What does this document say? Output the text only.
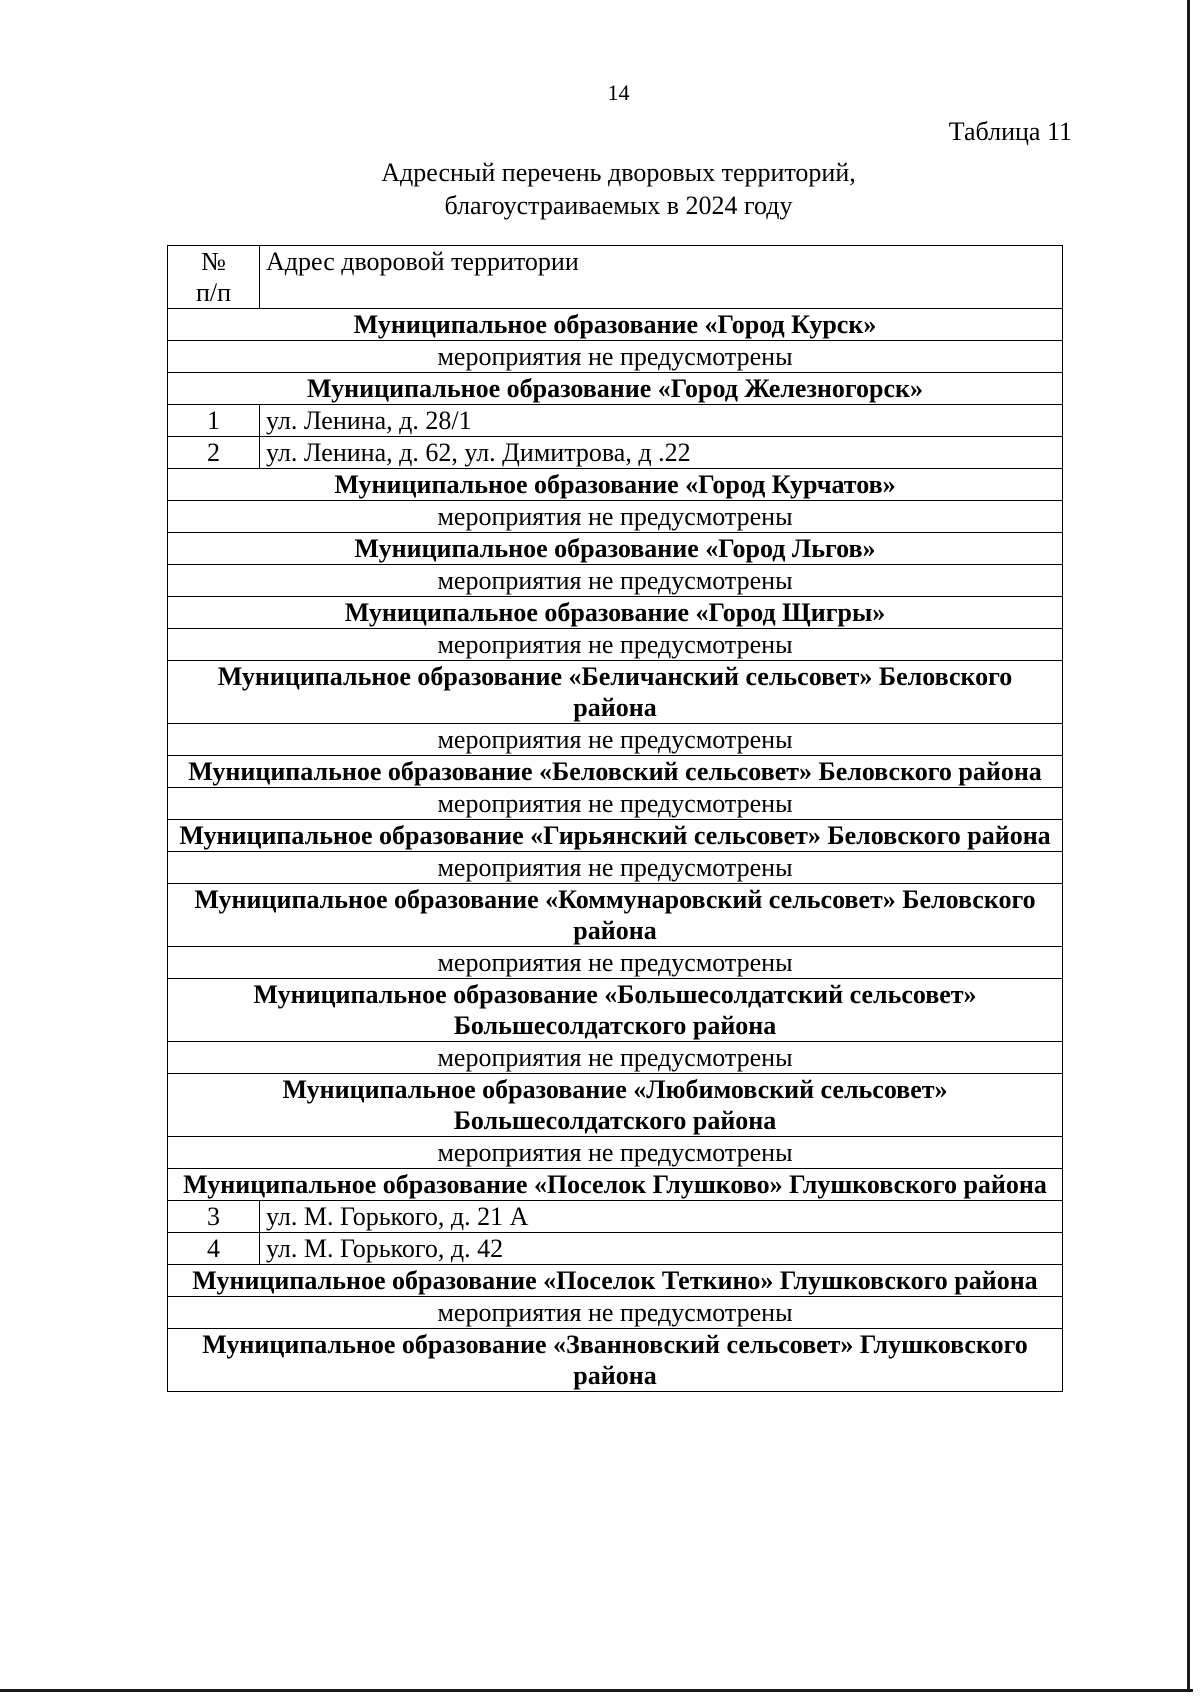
14
Таблица 11
Адресный перечень дворовых территорий,
благоустраиваемых в 2024 году
№ п/п	Адрес дворовой территории
Муниципальное образование «Город Курск»	
мероприятия не предусмотрены	
Муниципальное образование «Город Железногорск»	
1	ул. Ленина, д. 28/1
2	ул. Ленина, д. 62, ул. Димитрова, д .22
Муниципальное образование «Город Курчатов»	
мероприятия не предусмотрены	
Муниципальное образование «Город Льгов»	
мероприятия не предусмотрены	
Муниципальное образование «Город Щигры»	
мероприятия не предусмотрены	
Муниципальное образование «Беличанский сельсовет» Беловского района	
мероприятия не предусмотрены	
Муниципальное образование «Беловский сельсовет» Беловского района	
мероприятия не предусмотрены	
Муниципальное образование «Гирьянский сельсовет» Беловского района	
мероприятия не предусмотрены	
Муниципальное образование «Коммунаровский сельсовет» Беловского района	
мероприятия не предусмотрены	
Муниципальное образование «Большесолдатский сельсовет» Большесолдатского района	
мероприятия не предусмотрены	
Муниципальное образование «Любимовский сельсовет» Большесолдатского района	
мероприятия не предусмотрены	
Муниципальное образование «Поселок Глушково» Глушковского района	
3	ул. М. Горького, д. 21 А
4	ул. М. Горького, д. 42
Муниципальное образование «Поселок Теткино» Глушковского района	
мероприятия не предусмотрены	
Муниципальное образование «Званновский сельсовет» Глушковского района	
